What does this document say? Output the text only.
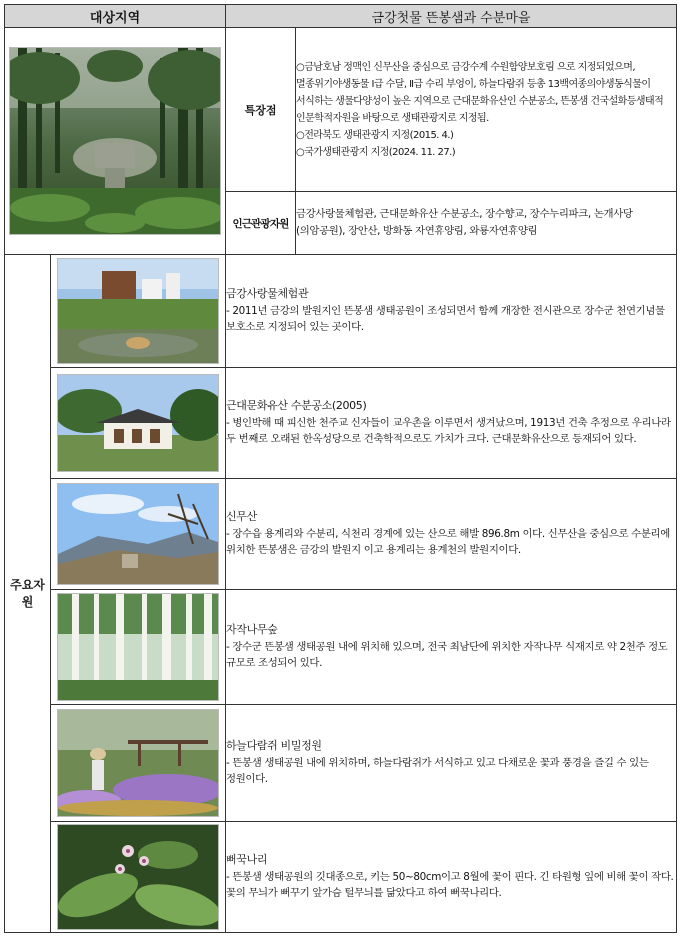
대상지역		금강첫물 뜬봉샘과 수분마을	

	특장점	○금남호남 정맥인 신무산을 중심으로 금강수계 수원함양보호림 으로 지정되었으며, 멸종위기야생동물 Ⅰ급 수달, Ⅱ급 수리 부엉이, 하늘다람쥐 등총 13백여종의야생동식물이 서식하는 생물다양성이 높은 지역으로 근대문화유산인 수분공소, 뜬봉샘 건국설화등생태적 인문학적자원을 바탕으로 생태관광지로 지정됨.

○전라북도 생태관광지 지정(2015. 4.)

○국가생태관광지 지정(2024. 11. 27.)

		인근관광자원	금강사랑물체험관, 근대문화유산 수분공소, 장수향교, 장수누리파크, 논개사당(의암공원), 장안산, 방화동 자연휴양림, 와룡자연휴양림
주요자원		금강사랑물체험관

- 2011년 금강의 발원지인 뜬봉샘 생태공원이 조성되면서 함께 개장한 전시관으로 장수군 천연기념물 보호소로 지정되어 있는 곳이다.	

근대문화유산 수분공소(2005)

- 병인박해 때 피신한 천주교 신자들이 교우촌을 이루면서 생겨났으며, 1913년 건축 추정으로 우리나라 두 번째로 오래된 한옥성당으로 건축학적으로도 가치가 크다. 근대문화유산으로 등재되어 있다.	

신무산

- 장수읍 용계리와 수분리, 식천리 경계에 있는 산으로 해발 896.8m 이다. 신무산을 중심으로 수분리에 위치한 뜬봉샘은 금강의 발원지 이고 용계리는 용계천의 발원지이다.	

자작나무숲

- 장수군 뜬봉샘 생태공원 내에 위치해 있으며, 전국 최남단에 위치한 자작나무 식재지로 약 2천주 정도 규모로 조성되어 있다.	

하늘다람쥐 비밀정원

- 뜬봉샘 생태공원 내에 위치하며, 하늘다람쥐가 서식하고 있고 다채로운 꽃과 풍경을 즐길 수 있는 정원이다.	

뻐꾹나리

- 뜬봉샘 생태공원의 깃대종으로, 키는 50~80cm이고 8월에 꽃이 핀다. 긴 타원형 잎에 비해 꽃이 작다. 꽃의 무늬가 뻐꾸기 앞가슴 털무늬를 닮았다고 하여 뻐꾹나리다.	
